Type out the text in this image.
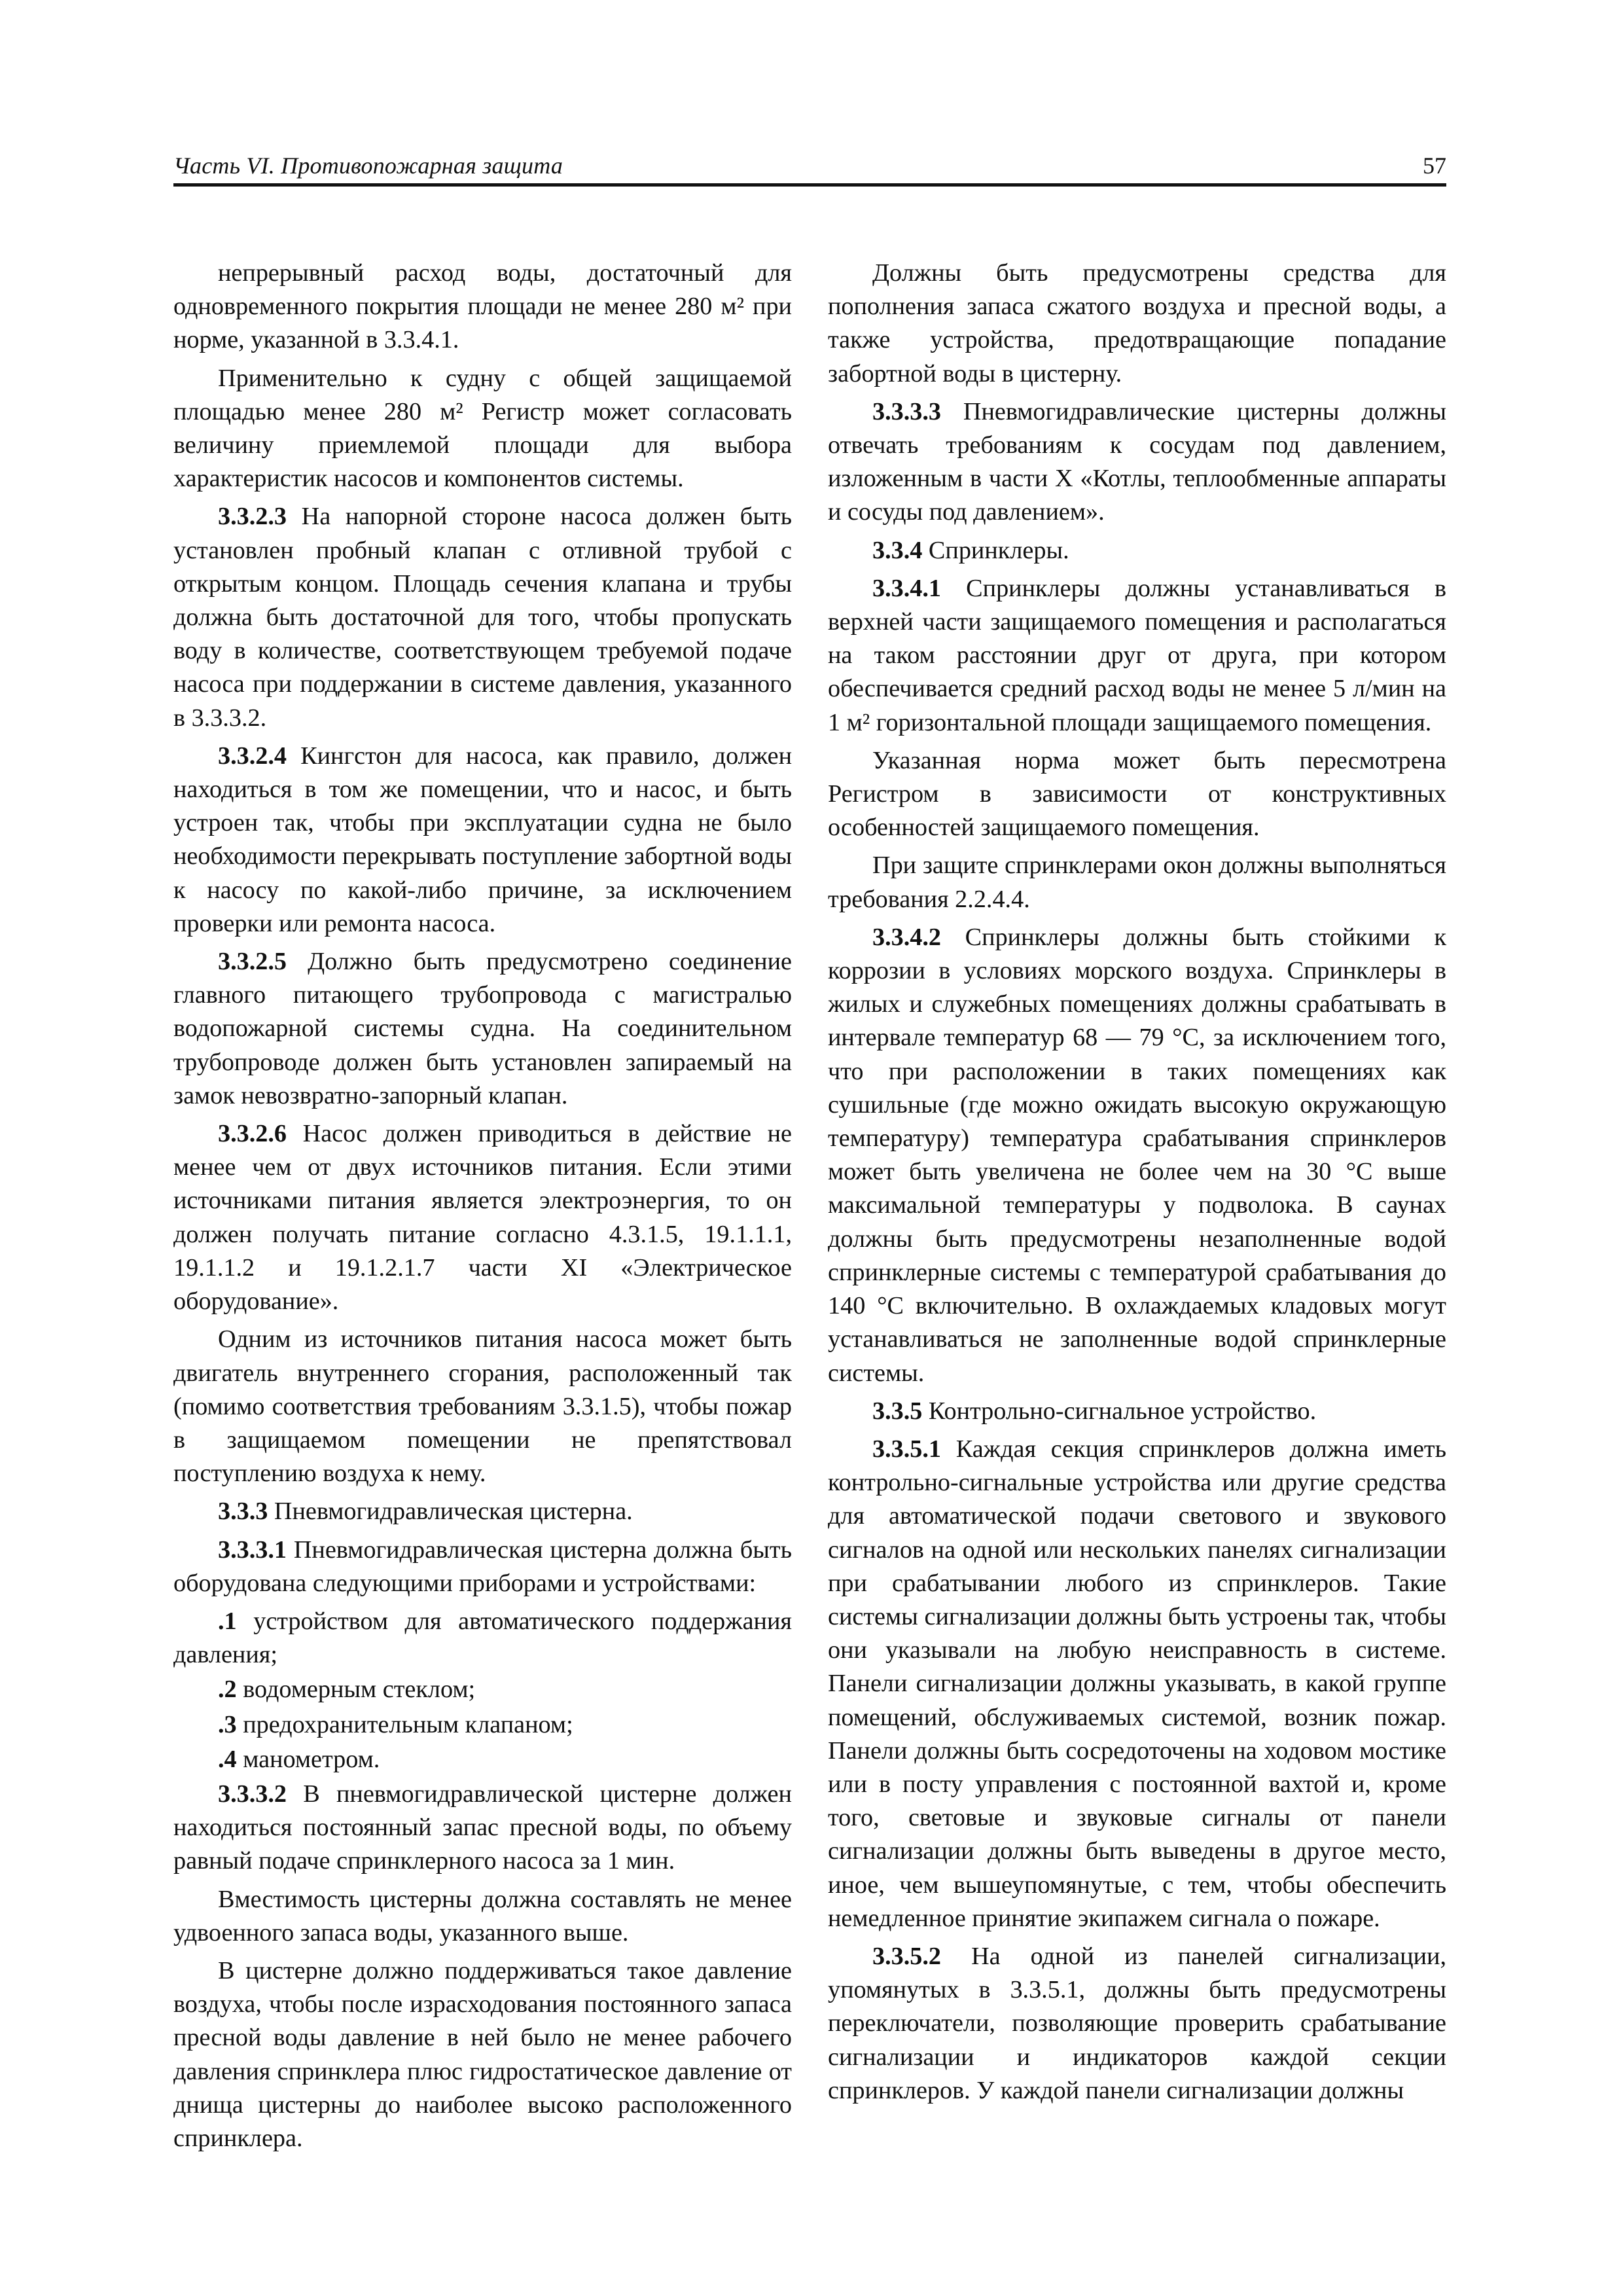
Часть VI. Противопожарная защита	57

непрерывный расход воды, достаточный для одновременного покрытия площади не менее 280 м² при норме, указанной в 3.3.4.1.

Применительно к судну с общей защищаемой площадью менее 280 м² Регистр может согласовать величину приемлемой площади для выбора характеристик насосов и компонентов системы.

3.3.2.3 На напорной стороне насоса должен быть установлен пробный клапан с отливной трубой с открытым концом. Площадь сечения клапана и трубы должна быть достаточной для того, чтобы пропускать воду в количестве, соответствующем требуемой подаче насоса при поддержании в системе давления, указанного в 3.3.3.2.

3.3.2.4 Кингстон для насоса, как правило, должен находиться в том же помещении, что и насос, и быть устроен так, чтобы при эксплуатации судна не было необходимости перекрывать поступление забортной воды к насосу по какой-либо причине, за исключением проверки или ремонта насоса.

3.3.2.5 Должно быть предусмотрено соединение главного питающего трубопровода с магистралью водопожарной системы судна. На соединительном трубопроводе должен быть установлен запираемый на замок невозвратно-запорный клапан.

3.3.2.6 Насос должен приводиться в действие не менее чем от двух источников питания. Если этими источниками питания является электроэнергия, то он должен получать питание согласно 4.3.1.5, 19.1.1.1, 19.1.1.2 и 19.1.2.1.7 части XI «Электрическое оборудование».

Одним из источников питания насоса может быть двигатель внутреннего сгорания, расположенный так (помимо соответствия требованиям 3.3.1.5), чтобы пожар в защищаемом помещении не препятствовал поступлению воздуха к нему.

3.3.3 Пневмогидравлическая цистерна.

3.3.3.1 Пневмогидравлическая цистерна должна быть оборудована следующими приборами и устройствами:

.1 устройством для автоматического поддержания давления;

.2 водомерным стеклом;

.3 предохранительным клапаном;

.4 манометром.

3.3.3.2 В пневмогидравлической цистерне должен находиться постоянный запас пресной воды, по объему равный подаче спринклерного насоса за 1 мин.

Вместимость цистерны должна составлять не менее удвоенного запаса воды, указанного выше.

В цистерне должно поддерживаться такое давление воздуха, чтобы после израсходования постоянного запаса пресной воды давление в ней было не менее рабочего давления спринклера плюс гидростатическое давление от днища цистерны до наиболее высоко расположенного спринклера.

Должны быть предусмотрены средства для пополнения запаса сжатого воздуха и пресной воды, а также устройства, предотвращающие попадание забортной воды в цистерну.

3.3.3.3 Пневмогидравлические цистерны должны отвечать требованиям к сосудам под давлением, изложенным в части X «Котлы, теплообменные аппараты и сосуды под давлением».

3.3.4 Спринклеры.

3.3.4.1 Спринклеры должны устанавливаться в верхней части защищаемого помещения и располагаться на таком расстоянии друг от друга, при котором обеспечивается средний расход воды не менее 5 л/мин на 1 м² горизонтальной площади защищаемого помещения.

Указанная норма может быть пересмотрена Регистром в зависимости от конструктивных особенностей защищаемого помещения.

При защите спринклерами окон должны выполняться требования 2.2.4.4.

3.3.4.2 Спринклеры должны быть стойкими к коррозии в условиях морского воздуха. Спринклеры в жилых и служебных помещениях должны срабатывать в интервале температур 68 — 79 °С, за исключением того, что при расположении в таких помещениях как сушильные (где можно ожидать высокую окружающую температуру) температура срабатывания спринклеров может быть увеличена не более чем на 30 °С выше максимальной температуры у подволока. В саунах должны быть предусмотрены незаполненные водой спринклерные системы с температурой срабатывания до 140 °С включительно. В охлаждаемых кладовых могут устанавливаться не заполненные водой спринклерные системы.

3.3.5 Контрольно-сигнальное устройство.

3.3.5.1 Каждая секция спринклеров должна иметь контрольно-сигнальные устройства или другие средства для автоматической подачи светового и звукового сигналов на одной или нескольких панелях сигнализации при срабатывании любого из спринклеров. Такие системы сигнализации должны быть устроены так, чтобы они указывали на любую неисправность в системе. Панели сигнализации должны указывать, в какой группе помещений, обслуживаемых системой, возник пожар. Панели должны быть сосредоточены на ходовом мостике или в посту управления с постоянной вахтой и, кроме того, световые и звуковые сигналы от панели сигнализации должны быть выведены в другое место, иное, чем вышеупомянутые, с тем, чтобы обеспечить немедленное принятие экипажем сигнала о пожаре.

3.3.5.2 На одной из панелей сигнализации, упомянутых в 3.3.5.1, должны быть предусмотрены переключатели, позволяющие проверить срабатывание сигнализации и индикаторов каждой секции спринклеров. У каждой панели сигнализации должны
